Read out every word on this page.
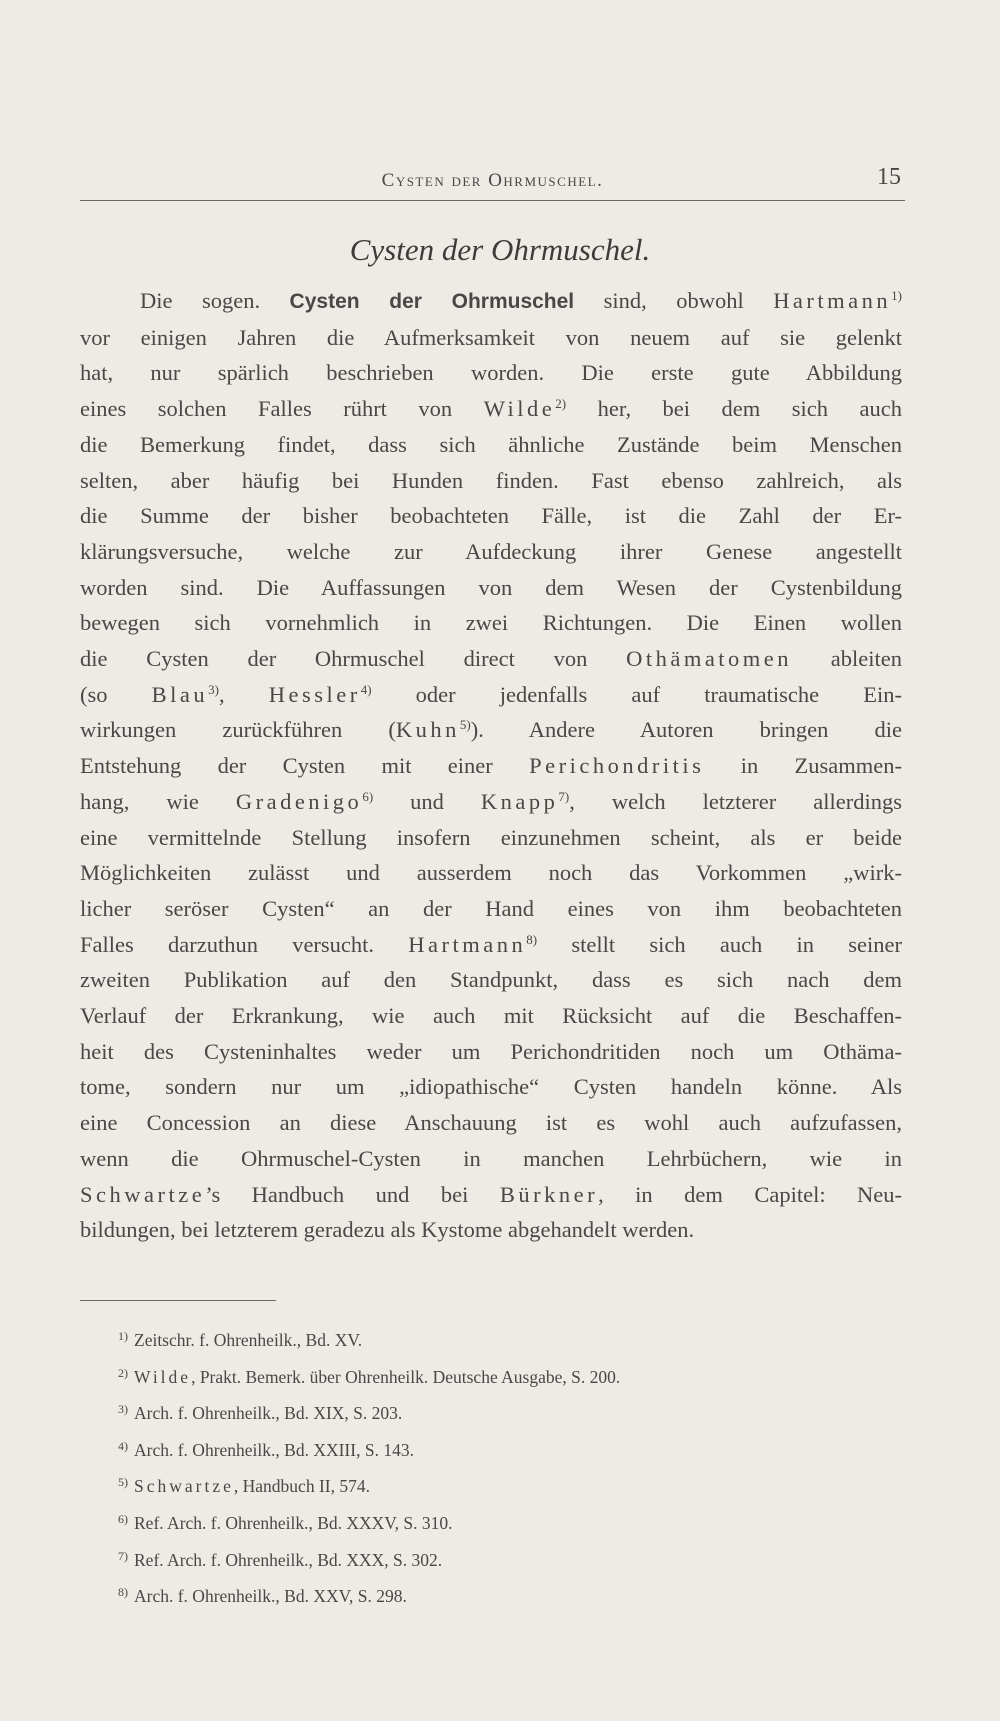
Cysten der Ohrmuschel.	15
Cysten der Ohrmuschel.

Die sogen. Cysten der Ohrmuschel sind, obwohl Hartmann$^{1)}$
vor einigen Jahren die Aufmerksamkeit von neuem auf sie gelenkt
hat, nur spärlich beschrieben worden. Die erste gute Abbildung
eines solchen Falles rührt von Wilde$^{2)}$ her, bei dem sich auch
die Bemerkung findet, dass sich ähnliche Zustände beim Menschen
selten, aber häufig bei Hunden finden. Fast ebenso zahlreich, als
die Summe der bisher beobachteten Fälle, ist die Zahl der Er-
klärungsversuche, welche zur Aufdeckung ihrer Genese angestellt
worden sind. Die Auffassungen von dem Wesen der Cystenbildung
bewegen sich vornehmlich in zwei Richtungen. Die Einen wollen
die Cysten der Ohrmuschel direct von Othämatomen ableiten
(so Blau$^{3)}$, Hessler$^{4)}$ oder jedenfalls auf traumatische Ein-
wirkungen zurückführen (Kuhn$^{5)}$). Andere Autoren bringen die
Entstehung der Cysten mit einer Perichondritis in Zusammen-
hang, wie Gradenigo$^{6)}$ und Knapp$^{7)}$, welch letzterer allerdings
eine vermittelnde Stellung insofern einzunehmen scheint, als er beide
Möglichkeiten zulässt und ausserdem noch das Vorkommen „wirk-
licher seröser Cysten“ an der Hand eines von ihm beobachteten
Falles darzuthun versucht. Hartmann$^{8)}$ stellt sich auch in seiner
zweiten Publikation auf den Standpunkt, dass es sich nach dem
Verlauf der Erkrankung, wie auch mit Rücksicht auf die Beschaffen-
heit des Cysteninhaltes weder um Perichondritiden noch um Othäma-
tome, sondern nur um „idiopathische“ Cysten handeln könne. Als
eine Concession an diese Anschauung ist es wohl auch aufzufassen,
wenn die Ohrmuschel-Cysten in manchen Lehrbüchern, wie in
Schwartze’s Handbuch und bei Bürkner, in dem Capitel: Neu-
bildungen, bei letzterem geradezu als Kystome abgehandelt werden.

$^{1)}$ Zeitschr. f. Ohrenheilk., Bd. XV.
$^{2)}$ Wilde, Prakt. Bemerk. über Ohrenheilk. Deutsche Ausgabe, S. 200.
$^{3)}$ Arch. f. Ohrenheilk., Bd. XIX, S. 203.
$^{4)}$ Arch. f. Ohrenheilk., Bd. XXIII, S. 143.
$^{5)}$ Schwartze, Handbuch II, 574.
$^{6)}$ Ref. Arch. f. Ohrenheilk., Bd. XXXV, S. 310.
$^{7)}$ Ref. Arch. f. Ohrenheilk., Bd. XXX, S. 302.
$^{8)}$ Arch. f. Ohrenheilk., Bd. XXV, S. 298.
